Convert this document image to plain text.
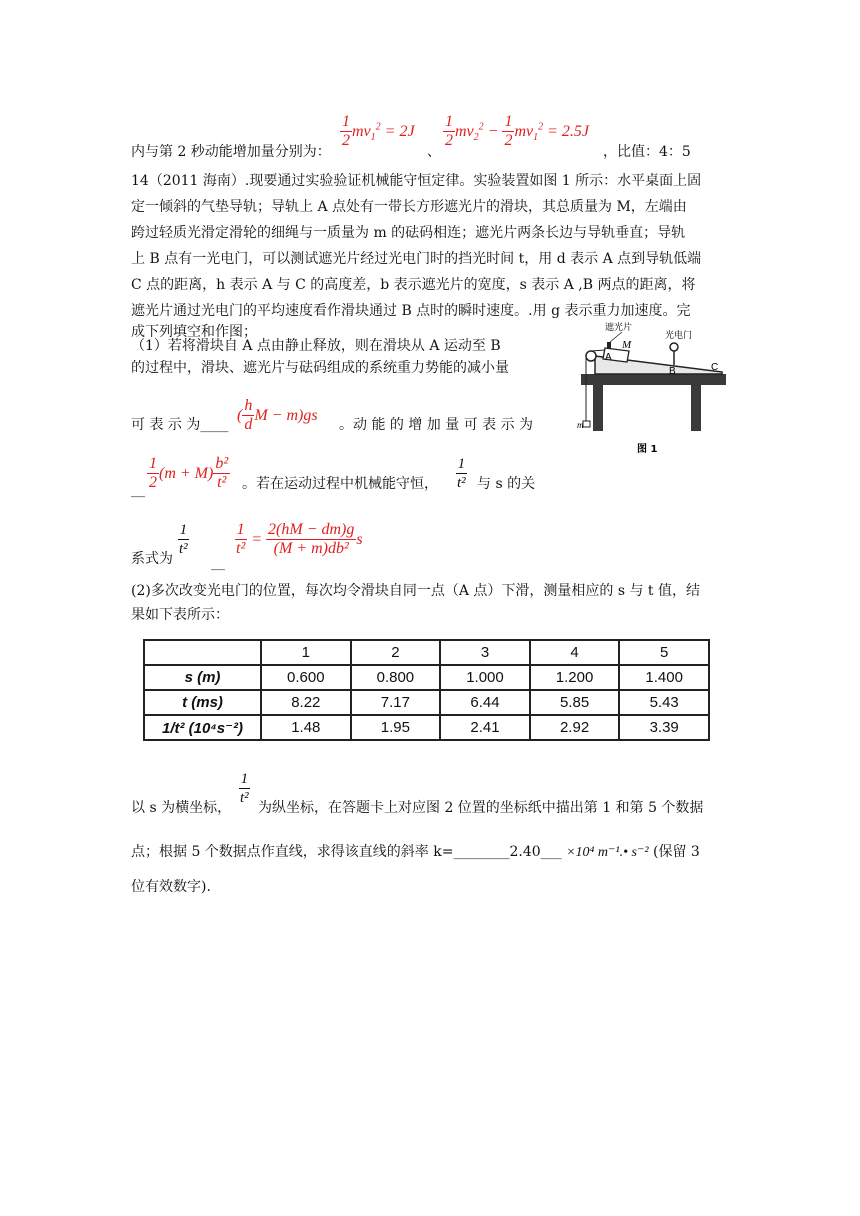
$\frac{1}{2} mv_1^2 = 2J \frac{1}{2} mv_2^2 - \frac{1}{2} mv_1^2 = 2.5J$
内与第 2 秒动能增加量分别为：	、	，比值：4：5
14（2011 海南）.现要通过实验验证机械能守恒定律。实验装置如图 1 所示：水平桌面上固
定一倾斜的气垫导轨；导轨上 A 点处有一带长方形遮光片的滑块，其总质量为 M，左端由
跨过轻质光滑定滑轮的细绳与一质量为 m 的砝码相连；遮光片两条长边与导轨垂直；导轨
上 B 点有一光电门，可以测试遮光片经过光电门时的挡光时间 t，用 d 表示 A 点到导轨低端
C 点的距离，h 表示 A 与 C 的高度差，b 表示遮光片的宽度，s 表示 A ,B 两点的距离，将
遮光片通过光电门的平均速度看作滑块通过 B 点时的瞬时速度。.用 g 表示重力加速度。完
成下列填空和作图；
（1）若将滑块自 A 点由静止释放，则在滑块从 A 运动至 B
的过程中，滑块、遮光片与砝码组成的系统重力势能的减小量
( $\frac{h}{d}$ M − m)gs
可 表 示 为____	。动 能 的 增 加 量 可 表 示 为
$\frac{1}{2} (m + M) \frac{\text{b²}}{\text{t²}}$	$\frac{1}{\text{t²}}$
__	。若在运动过程中机械能守恒，	与 s 的关
$\frac{1}{\text{t²}}$	$\frac{1}{\text{t²}} = \frac{2(hM - dm)g}{\text{(M + m)db²}}$ s
系式为	__
遮光片
光电门
A
M
B	C
m
图 1
(2)多次改变光电门的位置，每次均令滑块自同一点（A 点）下滑，测量相应的 s 与 t 值，结
果如下表所示：
	1	2	3	4	5
s (m)	0.600	0.800	1.000	1.200	1.400
t (ms)	8.22	7.17	6.44	5.85	5.43
1/t² (10⁴s⁻²)	1.48	1.95	2.41	2.92	3.39
$\frac{1}{\text{t²}}$
以 s 为横坐标， 为纵坐标，在答题卡上对应图 2 位置的坐标纸中描出第 1 和第 5 个数据
点；根据 5 个数据点作直线，求得该直线的斜率 k=________2.40___ ×10⁴ m⁻¹.• s⁻² (保留 3
位有效数字).
